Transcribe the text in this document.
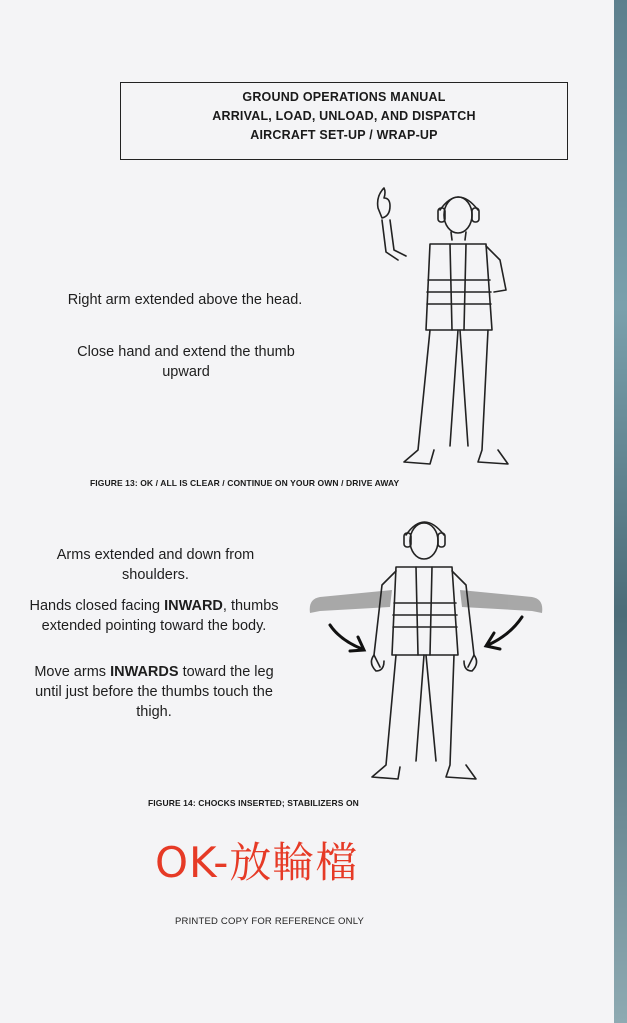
GROUND OPERATIONS MANUAL
ARRIVAL, LOAD, UNLOAD, AND DISPATCH
AIRCRAFT SET-UP / WRAP-UP
Right arm extended above the head.
Close hand and extend the thumb upward
FIGURE 13: OK / ALL IS CLEAR / CONTINUE ON YOUR OWN / DRIVE AWAY
Arms extended and down from shoulders.
Hands closed facing INWARD, thumbs extended pointing toward the body.
Move arms INWARDS toward the leg until just before the thumbs touch the thigh.
FIGURE 14: CHOCKS INSERTED; STABILIZERS ON
OK-放輪檔
PRINTED COPY FOR REFERENCE ONLY
